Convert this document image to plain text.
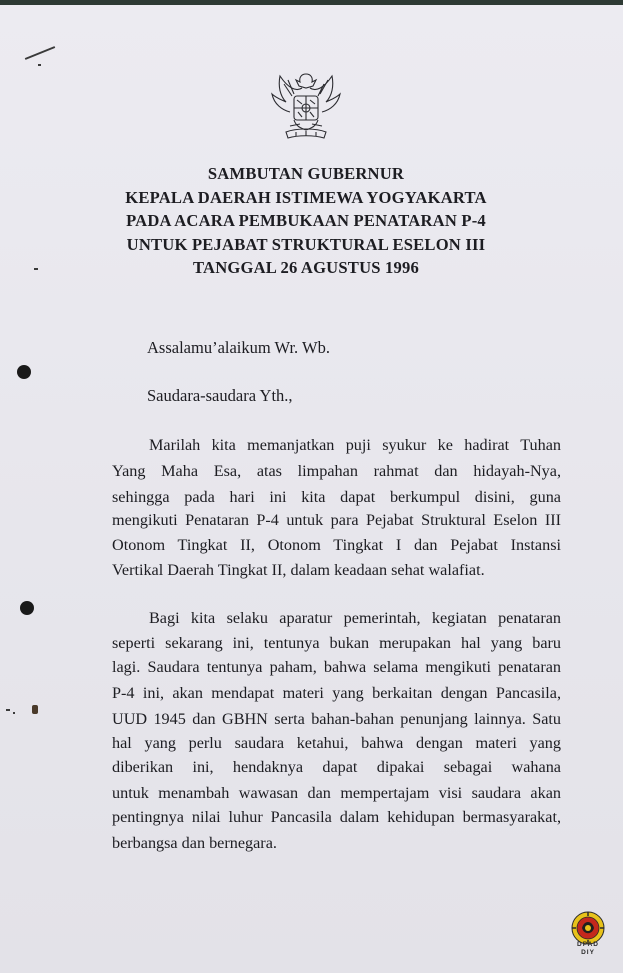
SAMBUTAN GUBERNUR
KEPALA DAERAH ISTIMEWA YOGYAKARTA
PADA ACARA PEMBUKAAN PENATARAN P-4
UNTUK PEJABAT STRUKTURAL ESELON III
TANGGAL 26 AGUSTUS 1996
Assalamu’alaikum Wr. Wb.
Saudara-saudara Yth.,
Marilah kita memanjatkan puji syukur ke hadirat Tuhan
Yang Maha Esa, atas limpahan rahmat dan hidayah-Nya,
sehingga pada hari ini kita dapat berkumpul disini, guna
mengikuti Penataran P-4 untuk para Pejabat Struktural Eselon III
Otonom Tingkat II, Otonom Tingkat I dan Pejabat Instansi
Vertikal Daerah Tingkat II, dalam keadaan sehat walafiat.
Bagi kita selaku aparatur pemerintah, kegiatan penataran
seperti sekarang ini, tentunya bukan merupakan hal yang baru
lagi. Saudara tentunya paham, bahwa selama mengikuti penataran
P-4 ini, akan mendapat materi yang berkaitan dengan Pancasila,
UUD 1945 dan GBHN serta bahan-bahan penunjang lainnya. Satu
hal yang perlu saudara ketahui, bahwa dengan materi yang
diberikan ini, hendaknya dapat dipakai sebagai wahana
untuk menambah wawasan dan mempertajam visi saudara akan
pentingnya nilai luhur Pancasila dalam kehidupan bermasyarakat,
berbangsa dan bernegara.
DPAD
DIY
